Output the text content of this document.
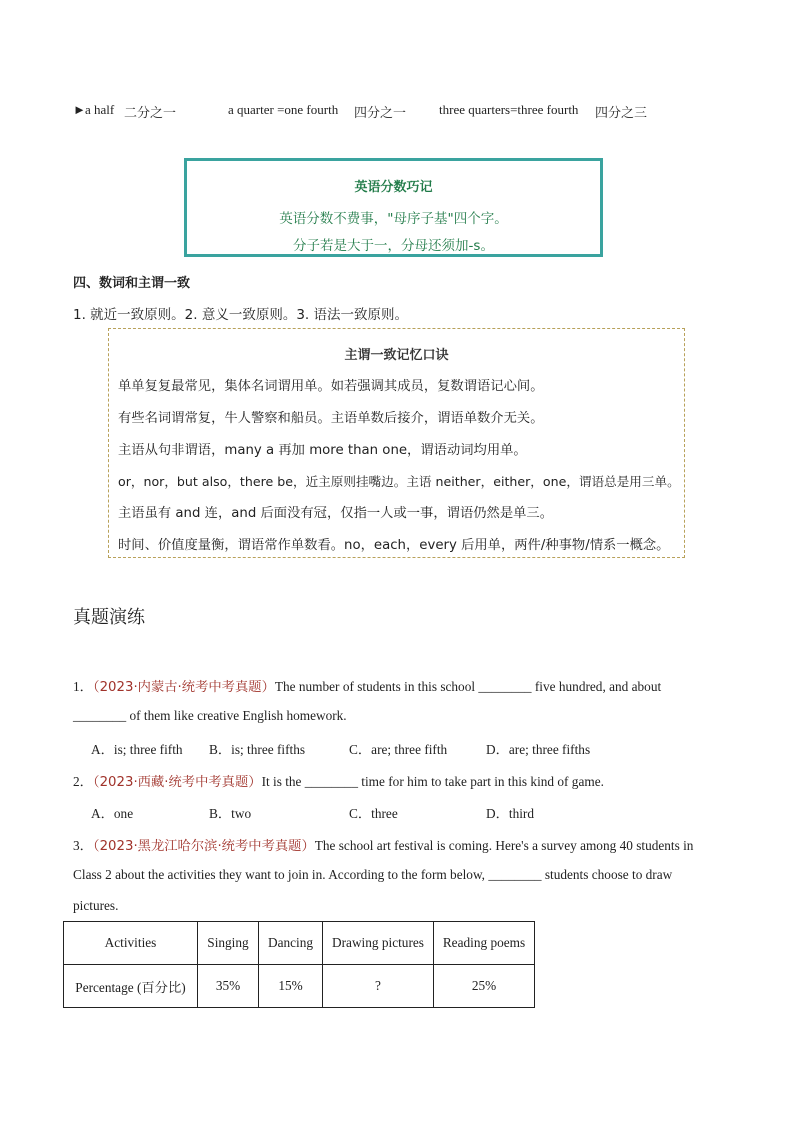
► a half 二分之一	a quarter =one fourth 四分之一	three quarters=three fourth 四分之三
英语分数巧记
英语分数不费事，"母序子基"四个字。
分子若是大于一，分母还须加-s。
四、数词和主谓一致
1. 就近一致原则。2. 意义一致原则。3. 语法一致原则。
主谓一致记忆口诀
单单复复最常见，集体名词谓用单。如若强调其成员，复数谓语记心间。
有些名词谓常复，牛人警察和船员。主语单数后接介，谓语单数介无关。
主语从句非谓语，many a 再加 more than one，谓语动词均用单。
or，nor，but also，there be，近主原则挂嘴边。主语 neither，either，one，谓语总是用三单。
主语虽有 and 连，and 后面没有冠，仅指一人或一事，谓语仍然是单三。
时间、价值度量衡，谓语常作单数看。no，each，every 后用单，两件/种事物/情系一概念。
真题演练
1．（2023·内蒙古·统考中考真题）The number of students in this school ________ five hundred, and about
________ of them like creative English homework.
A．is; three fifth B．is; three fifths	C．are; three fifth	D．are; three fifths
2．（2023·西藏·统考中考真题）It is the ________ time for him to take part in this kind of game.
A．one	B．two	C．three	D．third
3．（2023·黑龙江哈尔滨·统考中考真题）The school art festival is coming. Here's a survey among 40 students in
Class 2 about the activities they want to join in. According to the form below, ________ students choose to draw
pictures.
Activities	Singing	Dancing	Drawing pictures	Reading poems
Percentage (百分比)	35%	15%	?	25%
